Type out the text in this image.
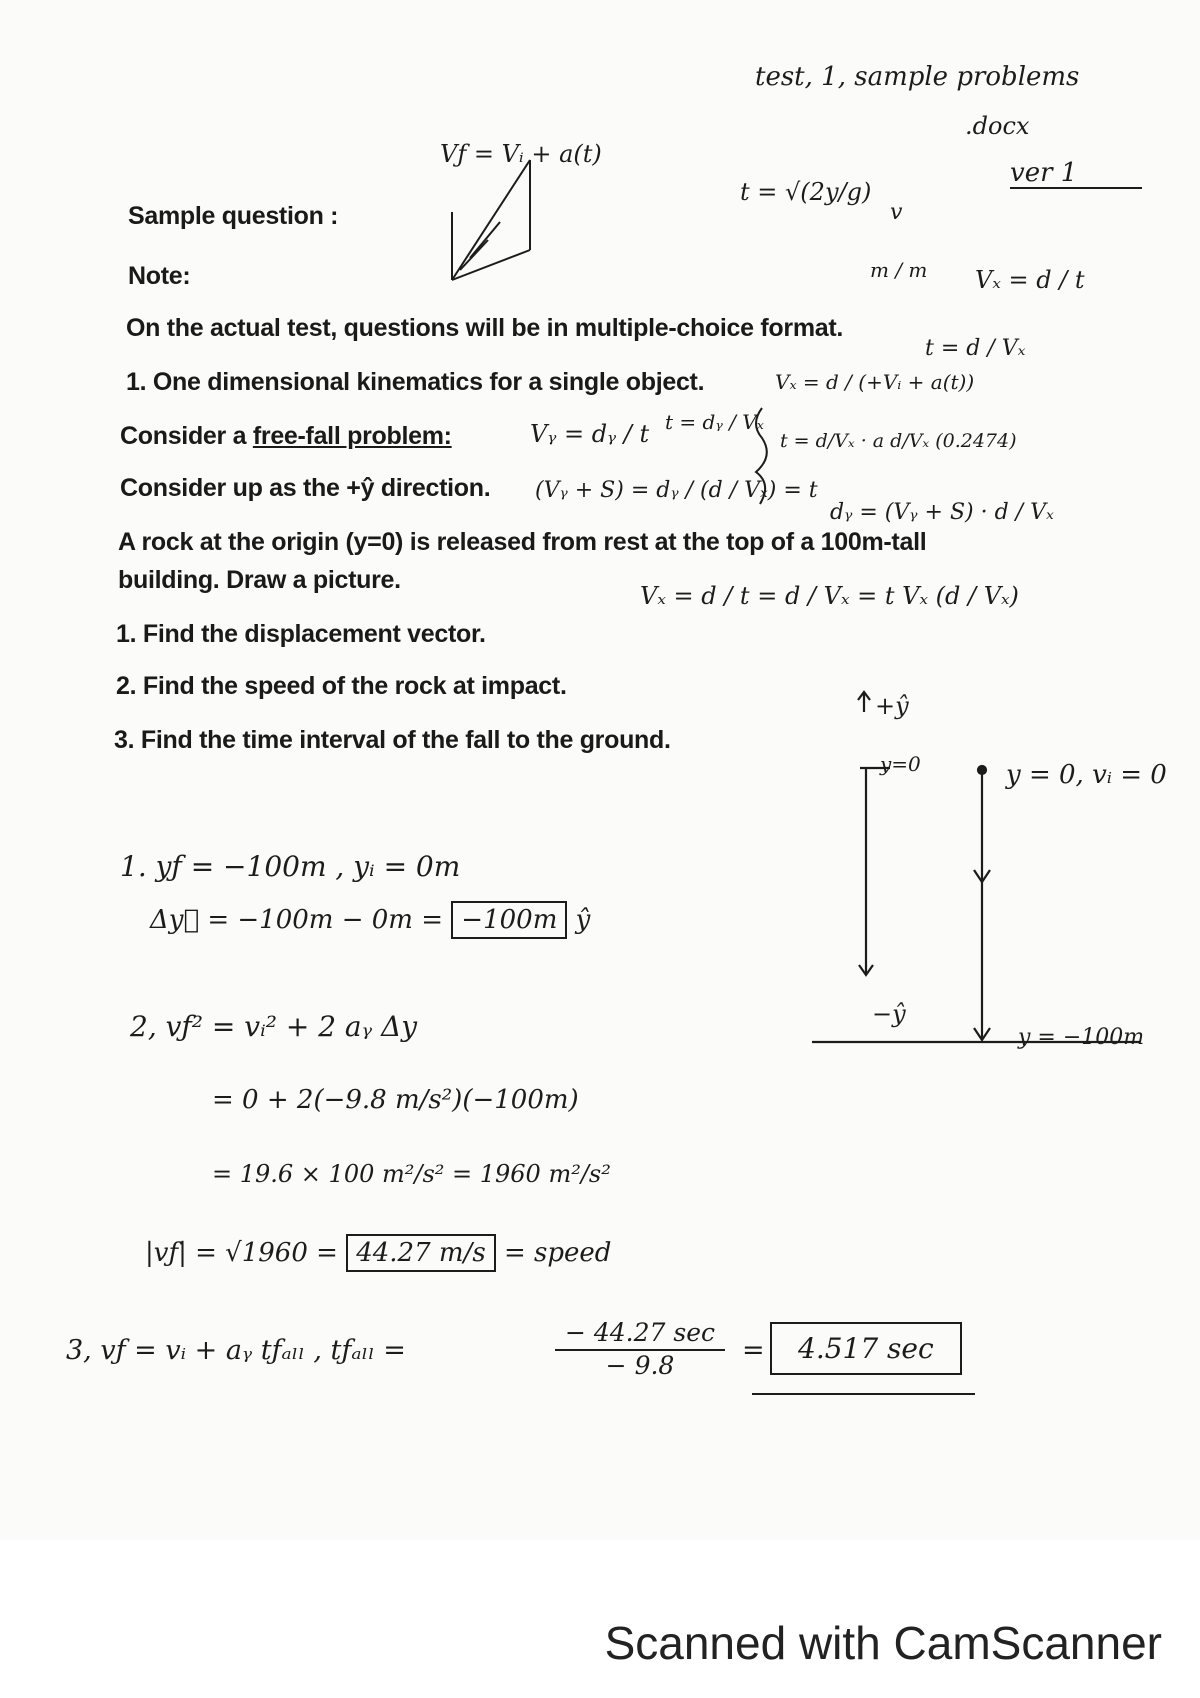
test, 1, sample problems
.docx
ver 1
Sample question :
Note:
On the actual test, questions will be in multiple-choice format.
1. One dimensional kinematics for a single object.
Consider a free-fall problem:
Consider up as the +ŷ direction.
A rock at the origin (y=0) is released from rest at the top of a 100m-tall
building. Draw a picture.
1. Find the displacement vector.
2. Find the speed of the rock at impact.
3. Find the time interval of the fall to the ground.
Vƒ = Vᵢ + a(t)
t = √(2y/g)
v
m / m Vₓ = d / t
t = d / Vₓ
Vₓ = d / (+Vᵢ + a(t))
Vᵧ = dᵧ / t t = dᵧ / Vₓ
t = d/Vₓ · a d/Vₓ (0.2474)
(Vᵧ + S) = dᵧ / (d / Vₓ) = t
dᵧ = (Vᵧ + S) · d / Vₓ
Vₓ = d / t = d / Vₓ = t Vₓ (d / Vₓ)
+ŷ
y=0	y = 0, vᵢ = 0
−ŷ
y = −100m
1. yƒ = −100m , yᵢ = 0m
Δy⃗ = −100m − 0m = −100m ŷ
2, vƒ² = vᵢ² + 2 aᵧ Δy
= 0 + 2(−9.8 m/s²)(−100m)
= 19.6 × 100 m²/s² = 1960 m²/s²
|vƒ| = √1960 = 44.27 m/s = speed
3, vƒ = vᵢ + aᵧ tƒₐₗₗ , tƒₐₗₗ =
− 44.27 sec
− 9.8	=	4.517 sec
Scanned with CamScanner
